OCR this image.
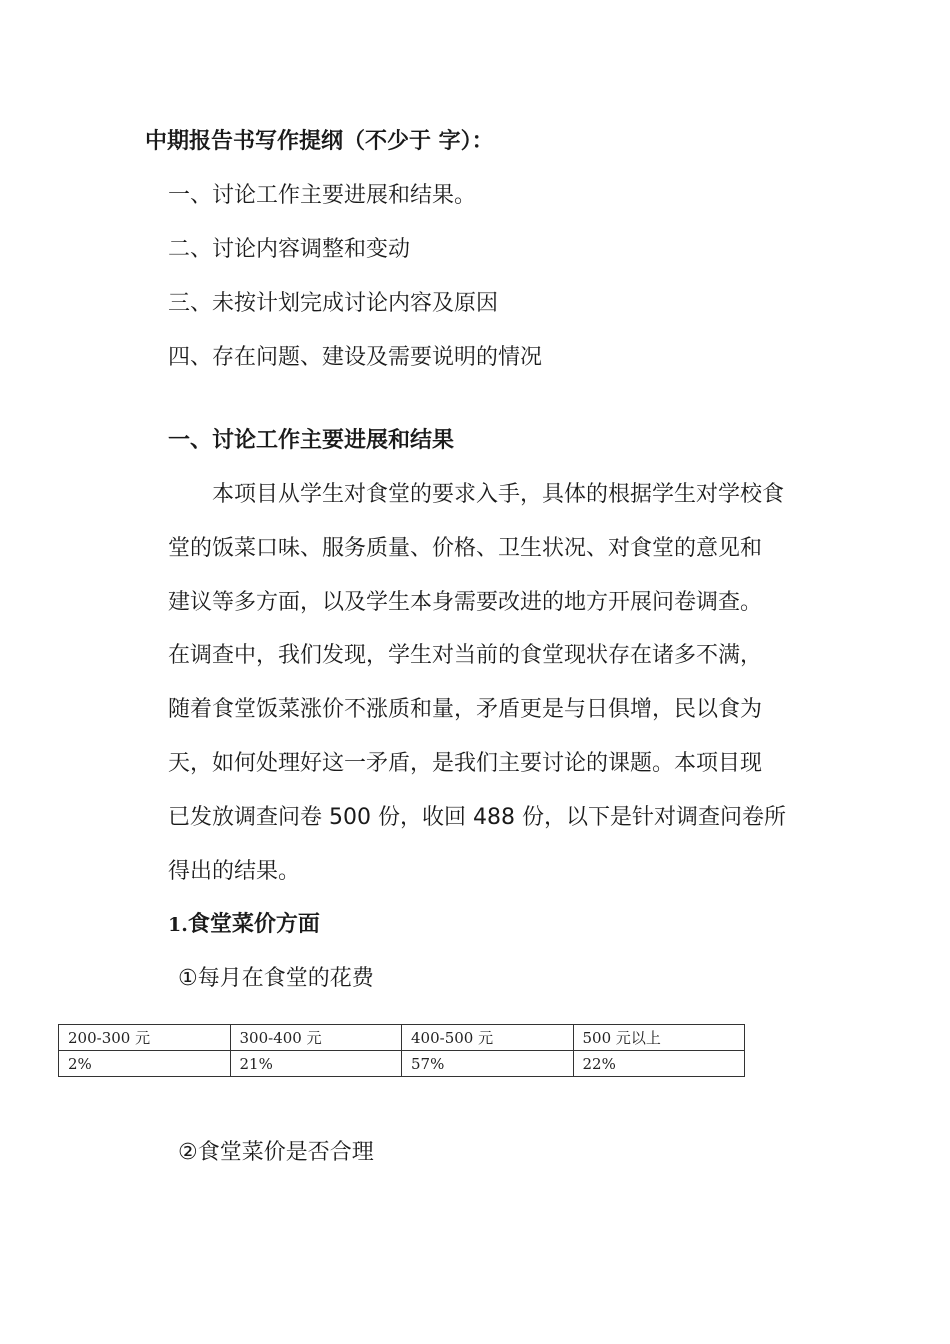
中期报告书写作提纲（不少于 字）：
一、讨论工作主要进展和结果。
二、讨论内容调整和变动
三、未按计划完成讨论内容及原因
四、存在问题、建设及需要说明的情况
一、讨论工作主要进展和结果
　　本项目从学生对食堂的要求入手，具体的根据学生对学校食
堂的饭菜口味、服务质量、价格、卫生状况、对食堂的意见和
建议等多方面，以及学生本身需要改进的地方开展问卷调查。
在调查中，我们发现，学生对当前的食堂现状存在诸多不满，
随着食堂饭菜涨价不涨质和量，矛盾更是与日俱增，民以食为
天，如何处理好这一矛盾，是我们主要讨论的课题。本项目现
已发放调查问卷 500 份，收回 488 份，以下是针对调查问卷所
得出的结果。
1.食堂菜价方面
①每月在食堂的花费
200-300 元	300-400 元	400-500 元	500 元以上
2%	21%	57%	22%
②食堂菜价是否合理
